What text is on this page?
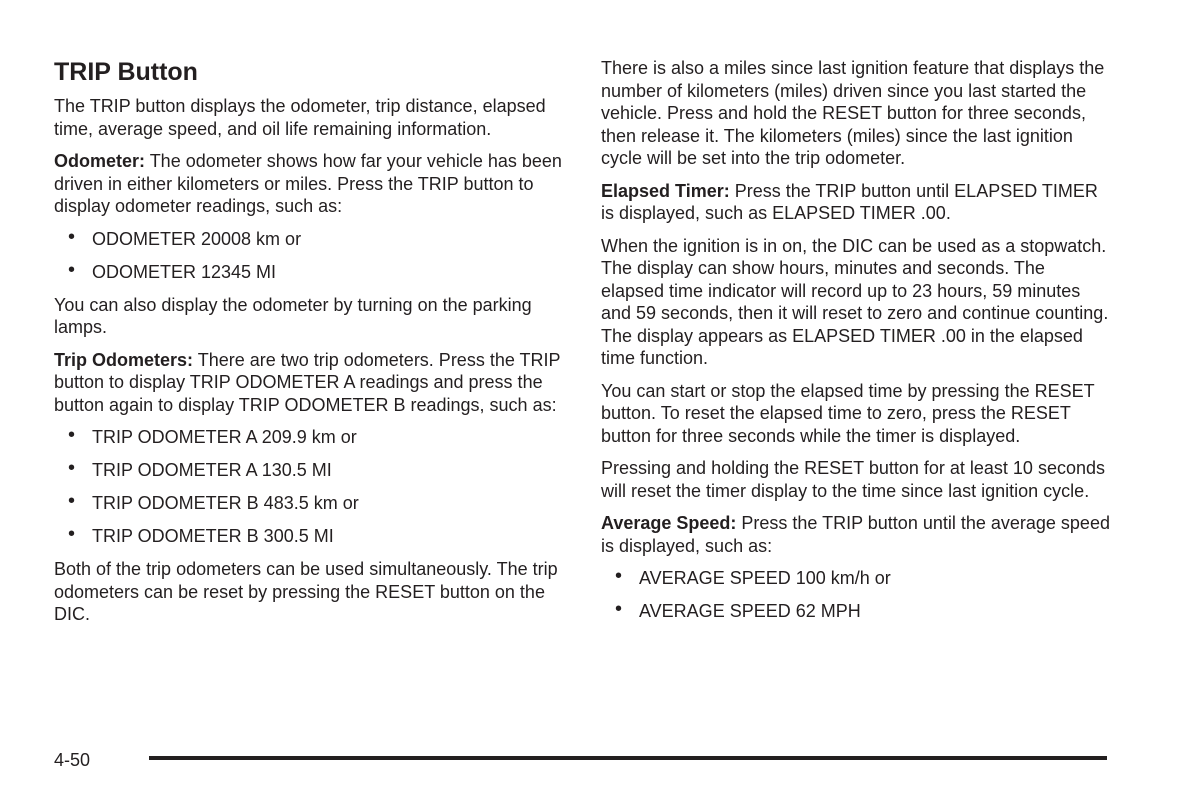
TRIP Button

The TRIP button displays the odometer, trip distance, elapsed time, average speed, and oil life remaining information.

Odometer: The odometer shows how far your vehicle has been driven in either kilometers or miles. Press the TRIP button to display odometer readings, such as:

• ODOMETER 20008 km or
• ODOMETER 12345 MI

You can also display the odometer by turning on the parking lamps.

Trip Odometers: There are two trip odometers. Press the TRIP button to display TRIP ODOMETER A readings and press the button again to display TRIP ODOMETER B readings, such as:

• TRIP ODOMETER A 209.9 km or
• TRIP ODOMETER A 130.5 MI
• TRIP ODOMETER B 483.5 km or
• TRIP ODOMETER B 300.5 MI

Both of the trip odometers can be used simultaneously. The trip odometers can be reset by pressing the RESET button on the DIC.

There is also a miles since last ignition feature that displays the number of kilometers (miles) driven since you last started the vehicle. Press and hold the RESET button for three seconds, then release it. The kilometers (miles) since the last ignition cycle will be set into the trip odometer.

Elapsed Timer: Press the TRIP button until ELAPSED TIMER is displayed, such as ELAPSED TIMER .00.

When the ignition is in on, the DIC can be used as a stopwatch. The display can show hours, minutes and seconds. The elapsed time indicator will record up to 23 hours, 59 minutes and 59 seconds, then it will reset to zero and continue counting. The display appears as ELAPSED TIMER .00 in the elapsed time function.

You can start or stop the elapsed time by pressing the RESET button. To reset the elapsed time to zero, press the RESET button for three seconds while the timer is displayed.

Pressing and holding the RESET button for at least 10 seconds will reset the timer display to the time since last ignition cycle.

Average Speed: Press the TRIP button until the average speed is displayed, such as:

• AVERAGE SPEED 100 km/h or
• AVERAGE SPEED 62 MPH
4-50
